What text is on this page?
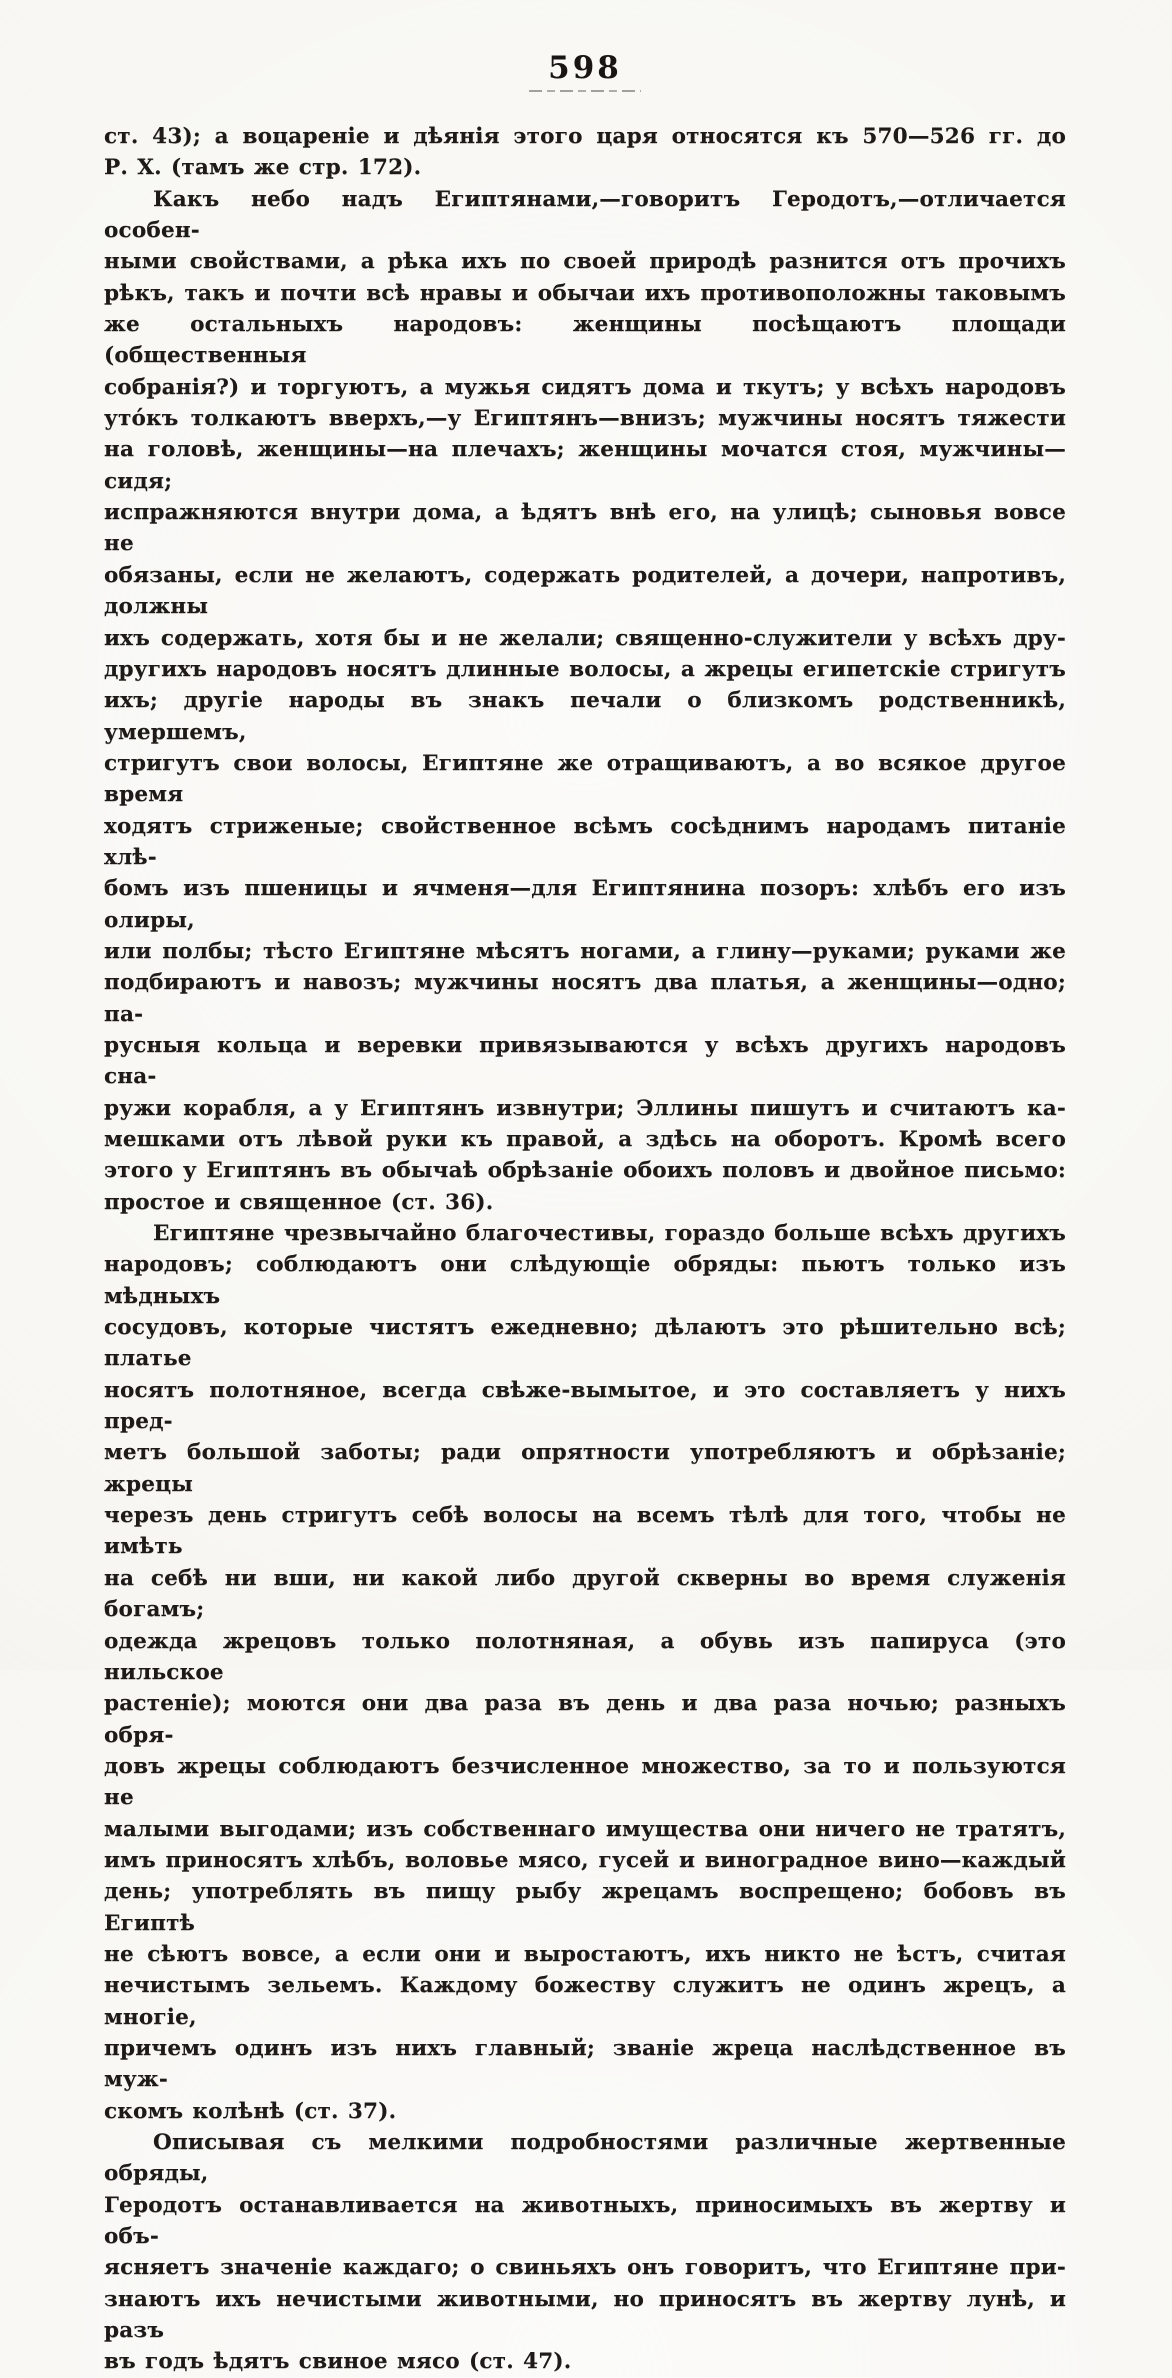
598
ст. 43); а воцареніе и дѣянія этого царя относятся къ 570—526 гг. до
Р. Х. (тамъ же стр. 172).
Какъ небо надъ Египтянами,—говоритъ Геродотъ,—отличается особен-
ными свойствами, а рѣка ихъ по своей природѣ разнится отъ прочихъ
рѣкъ, такъ и почти всѣ нравы и обычаи ихъ противоположны таковымъ
же остальныхъ народовъ: женщины посѣщаютъ площади (общественныя
собранія?) и торгуютъ, а мужья сидятъ дома и ткутъ; у всѣхъ народовъ
утóкъ толкаютъ вверхъ,—у Египтянъ—внизъ; мужчины носятъ тяжести
на головѣ, женщины—на плечахъ; женщины мочатся стоя, мужчины—сидя;
испражняются внутри дома, а ѣдятъ внѣ его, на улицѣ; сыновья вовсе не
обязаны, если не желаютъ, содержать родителей, а дочери, напротивъ, должны
ихъ содержать, хотя бы и не желали; священно-служители у всѣхъ дру-
другихъ народовъ носятъ длинные волосы, а жрецы египетскіе стригутъ
ихъ; другіе народы въ знакъ печали о близкомъ родственникѣ, умершемъ,
стригутъ свои волосы, Египтяне же отращиваютъ, а во всякое другое время
ходятъ стриженые; свойственное всѣмъ сосѣднимъ народамъ питаніе хлѣ-
бомъ изъ пшеницы и ячменя—для Египтянина позоръ: хлѣбъ его изъ олиры,
или полбы; тѣсто Египтяне мѣсятъ ногами, а глину—руками; руками же
подбираютъ и навозъ; мужчины носятъ два платья, а женщины—одно; па-
русныя кольца и веревки привязываются у всѣхъ другихъ народовъ сна-
ружи корабля, а у Египтянъ извнутри; Эллины пишутъ и считаютъ ка-
мешками отъ лѣвой руки къ правой, а здѣсь на оборотъ. Кромѣ всего
этого у Египтянъ въ обычаѣ обрѣзаніе обоихъ половъ и двойное письмо:
простое и священное (ст. 36).
Египтяне чрезвычайно благочестивы, гораздо больше всѣхъ другихъ
народовъ; соблюдаютъ они слѣдующіе обряды: пьютъ только изъ мѣдныхъ
сосудовъ, которые чистятъ ежедневно; дѣлаютъ это рѣшительно всѣ; платье
носятъ полотняное, всегда свѣже-вымытое, и это составляетъ у нихъ пред-
метъ большой заботы; ради опрятности употребляютъ и обрѣзаніе; жрецы
черезъ день стригутъ себѣ волосы на всемъ тѣлѣ для того, чтобы не имѣть
на себѣ ни вши, ни какой либо другой скверны во время служенія богамъ;
одежда жрецовъ только полотняная, а обувь изъ папируса (это нильское
растеніе); моются они два раза въ день и два раза ночью; разныхъ обря-
довъ жрецы соблюдаютъ безчисленное множество, за то и пользуются не
малыми выгодами; изъ собственнаго имущества они ничего не тратятъ,
имъ приносятъ хлѣбъ, воловье мясо, гусей и виноградное вино—каждый
день; употреблять въ пищу рыбу жрецамъ воспрещено; бобовъ въ Египтѣ
не сѣютъ вовсе, а если они и выростаютъ, ихъ никто не ѣстъ, считая
нечистымъ зельемъ. Каждому божеству служитъ не одинъ жрецъ, а многіе,
причемъ одинъ изъ нихъ главный; званіе жреца наслѣдственное въ муж-
скомъ колѣнѣ (ст. 37).
Описывая съ мелкими подробностями различные жертвенные обряды,
Геродотъ останавливается на животныхъ, приносимыхъ въ жертву и объ-
ясняетъ значеніе каждаго; о свиньяхъ онъ говоритъ, что Египтяне при-
знаютъ ихъ нечистыми животными, но приносятъ въ жертву лунѣ, и разъ
въ годъ ѣдятъ свиное мясо (ст. 47).
